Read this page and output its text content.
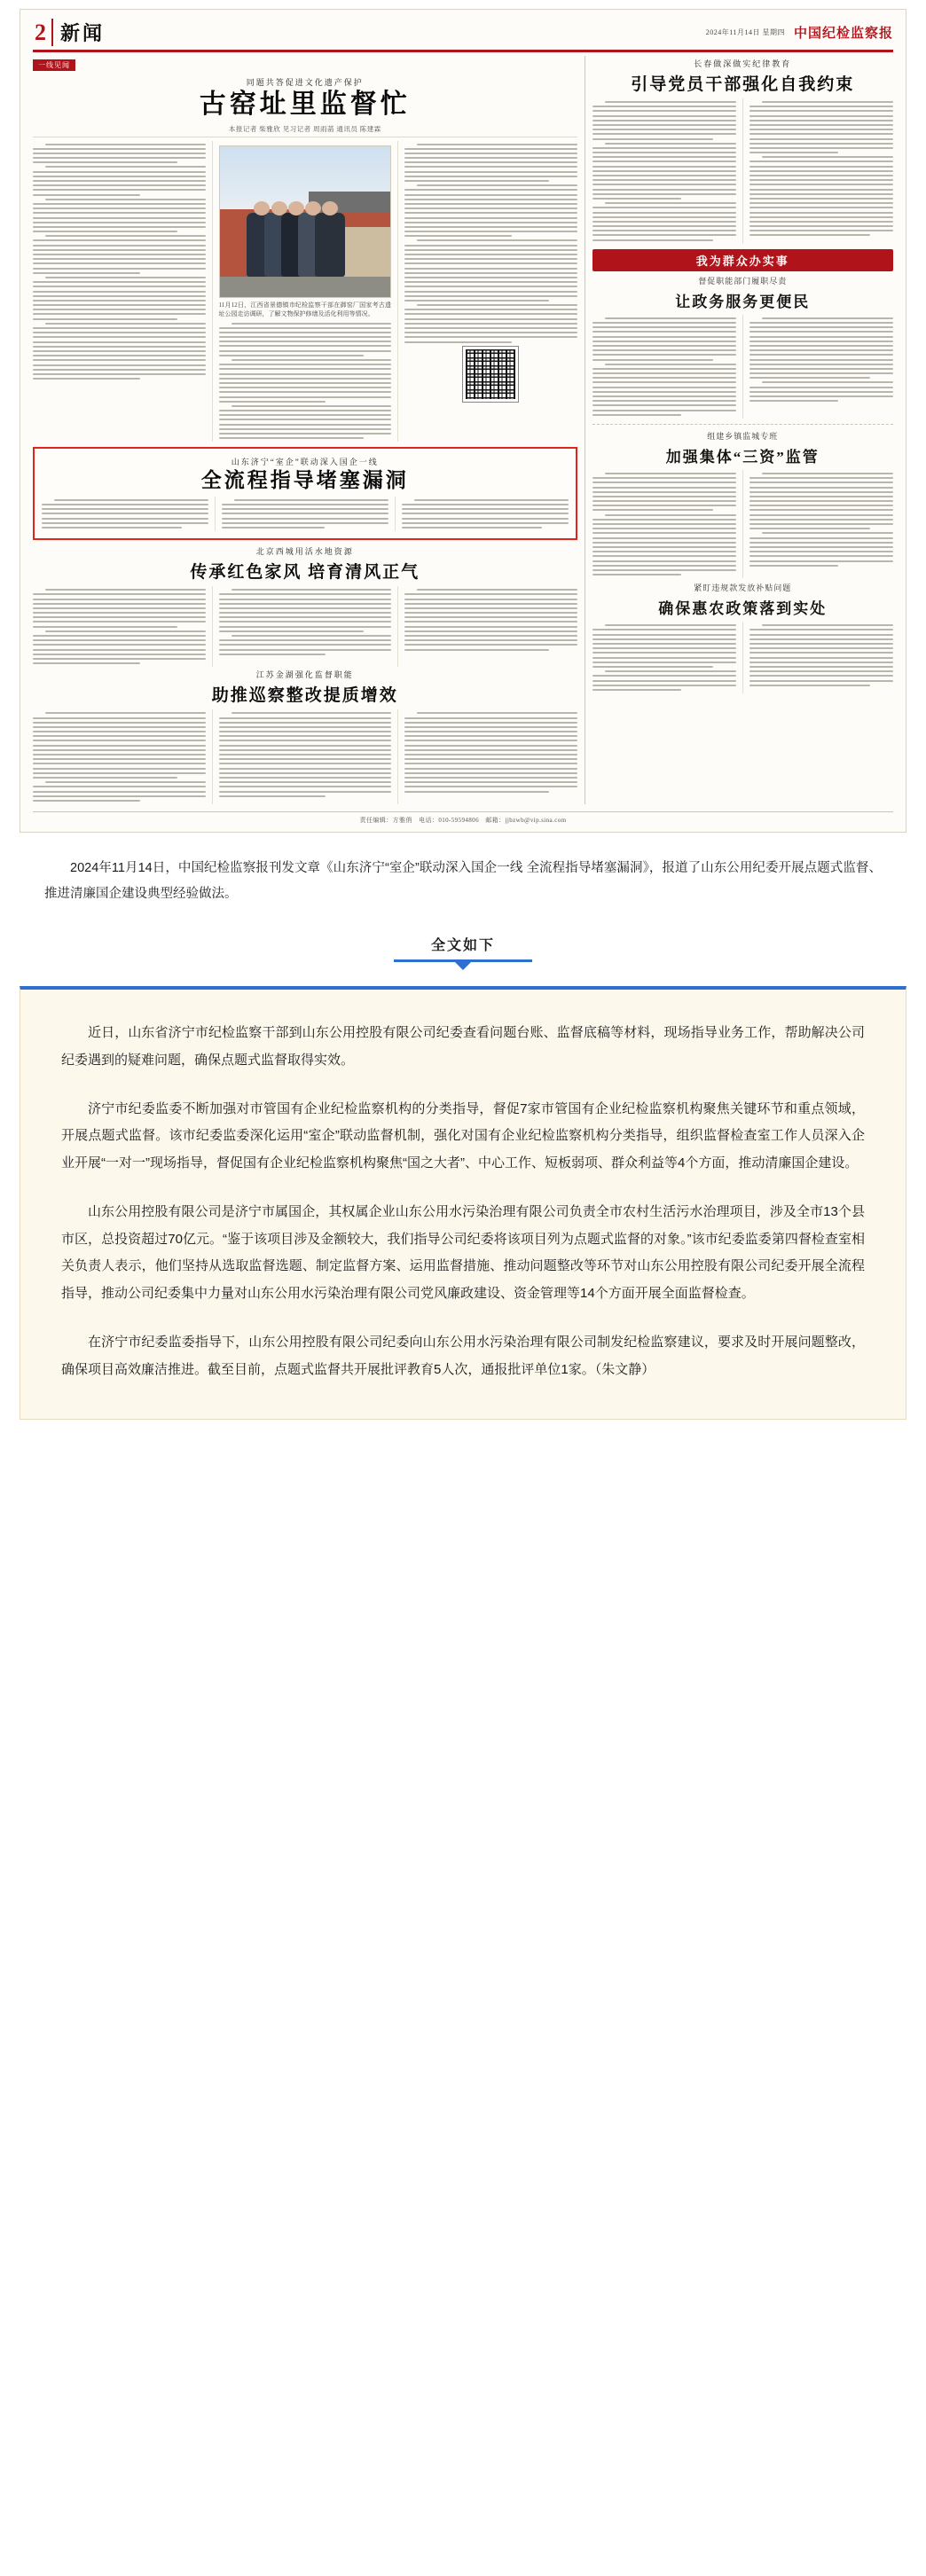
2 新闻	2024年11月14日 星期四 中国纪检监察报
一线见闻
同题共答促进文化遗产保护
古窑址里监督忙
本报记者 柴雅欣 见习记者 周雨菡 通讯员 陈建霖
11月12日，江西省景德镇市纪检监察干部在御窑厂国家考古遗址公园走访调研，了解文物保护修缮及活化利用等情况。
山东济宁“室企”联动深入国企一线
全流程指导堵塞漏洞
北京西城用活水地资源
传承红色家风 培育清风正气
江苏金湖强化监督职能
助推巡察整改提质增效
长春做深做实纪律教育
引导党员干部强化自我约束
我为群众办实事
督促职能部门履职尽责
让政务服务更便民
组建乡镇监城专班
加强集体“三资”监管
紧盯违规款发放补贴问题
确保惠农政策落到实处
责任编辑：方雅俏　电话：010-59594806　邮箱：jjbzwb@vip.sina.com

2024年11月14日，中国纪检监察报刊发文章《山东济宁“室企”联动深入国企一线 全流程指导堵塞漏洞》，报道了山东公用纪委开展点题式监督、推进清廉国企建设典型经验做法。

全文如下

近日，山东省济宁市纪检监察干部到山东公用控股有限公司纪委查看问题台账、监督底稿等材料，现场指导业务工作，帮助解决公司纪委遇到的疑难问题，确保点题式监督取得实效。

济宁市纪委监委不断加强对市管国有企业纪检监察机构的分类指导，督促7家市管国有企业纪检监察机构聚焦关键环节和重点领域，开展点题式监督。该市纪委监委深化运用“室企”联动监督机制，强化对国有企业纪检监察机构分类指导，组织监督检查室工作人员深入企业开展“一对一”现场指导，督促国有企业纪检监察机构聚焦“国之大者”、中心工作、短板弱项、群众利益等4个方面，推动清廉国企建设。

山东公用控股有限公司是济宁市属国企，其权属企业山东公用水污染治理有限公司负责全市农村生活污水治理项目，涉及全市13个县市区，总投资超过70亿元。“鉴于该项目涉及金额较大，我们指导公司纪委将该项目列为点题式监督的对象。”该市纪委监委第四督检查室相关负责人表示，他们坚持从选取监督选题、制定监督方案、运用监督措施、推动问题整改等环节对山东公用控股有限公司纪委开展全流程指导，推动公司纪委集中力量对山东公用水污染治理有限公司党风廉政建设、资金管理等14个方面开展全面监督检查。

在济宁市纪委监委指导下，山东公用控股有限公司纪委向山东公用水污染治理有限公司制发纪检监察建议，要求及时开展问题整改，确保项目高效廉洁推进。截至目前，点题式监督共开展批评教育5人次，通报批评单位1家。（朱文静）
